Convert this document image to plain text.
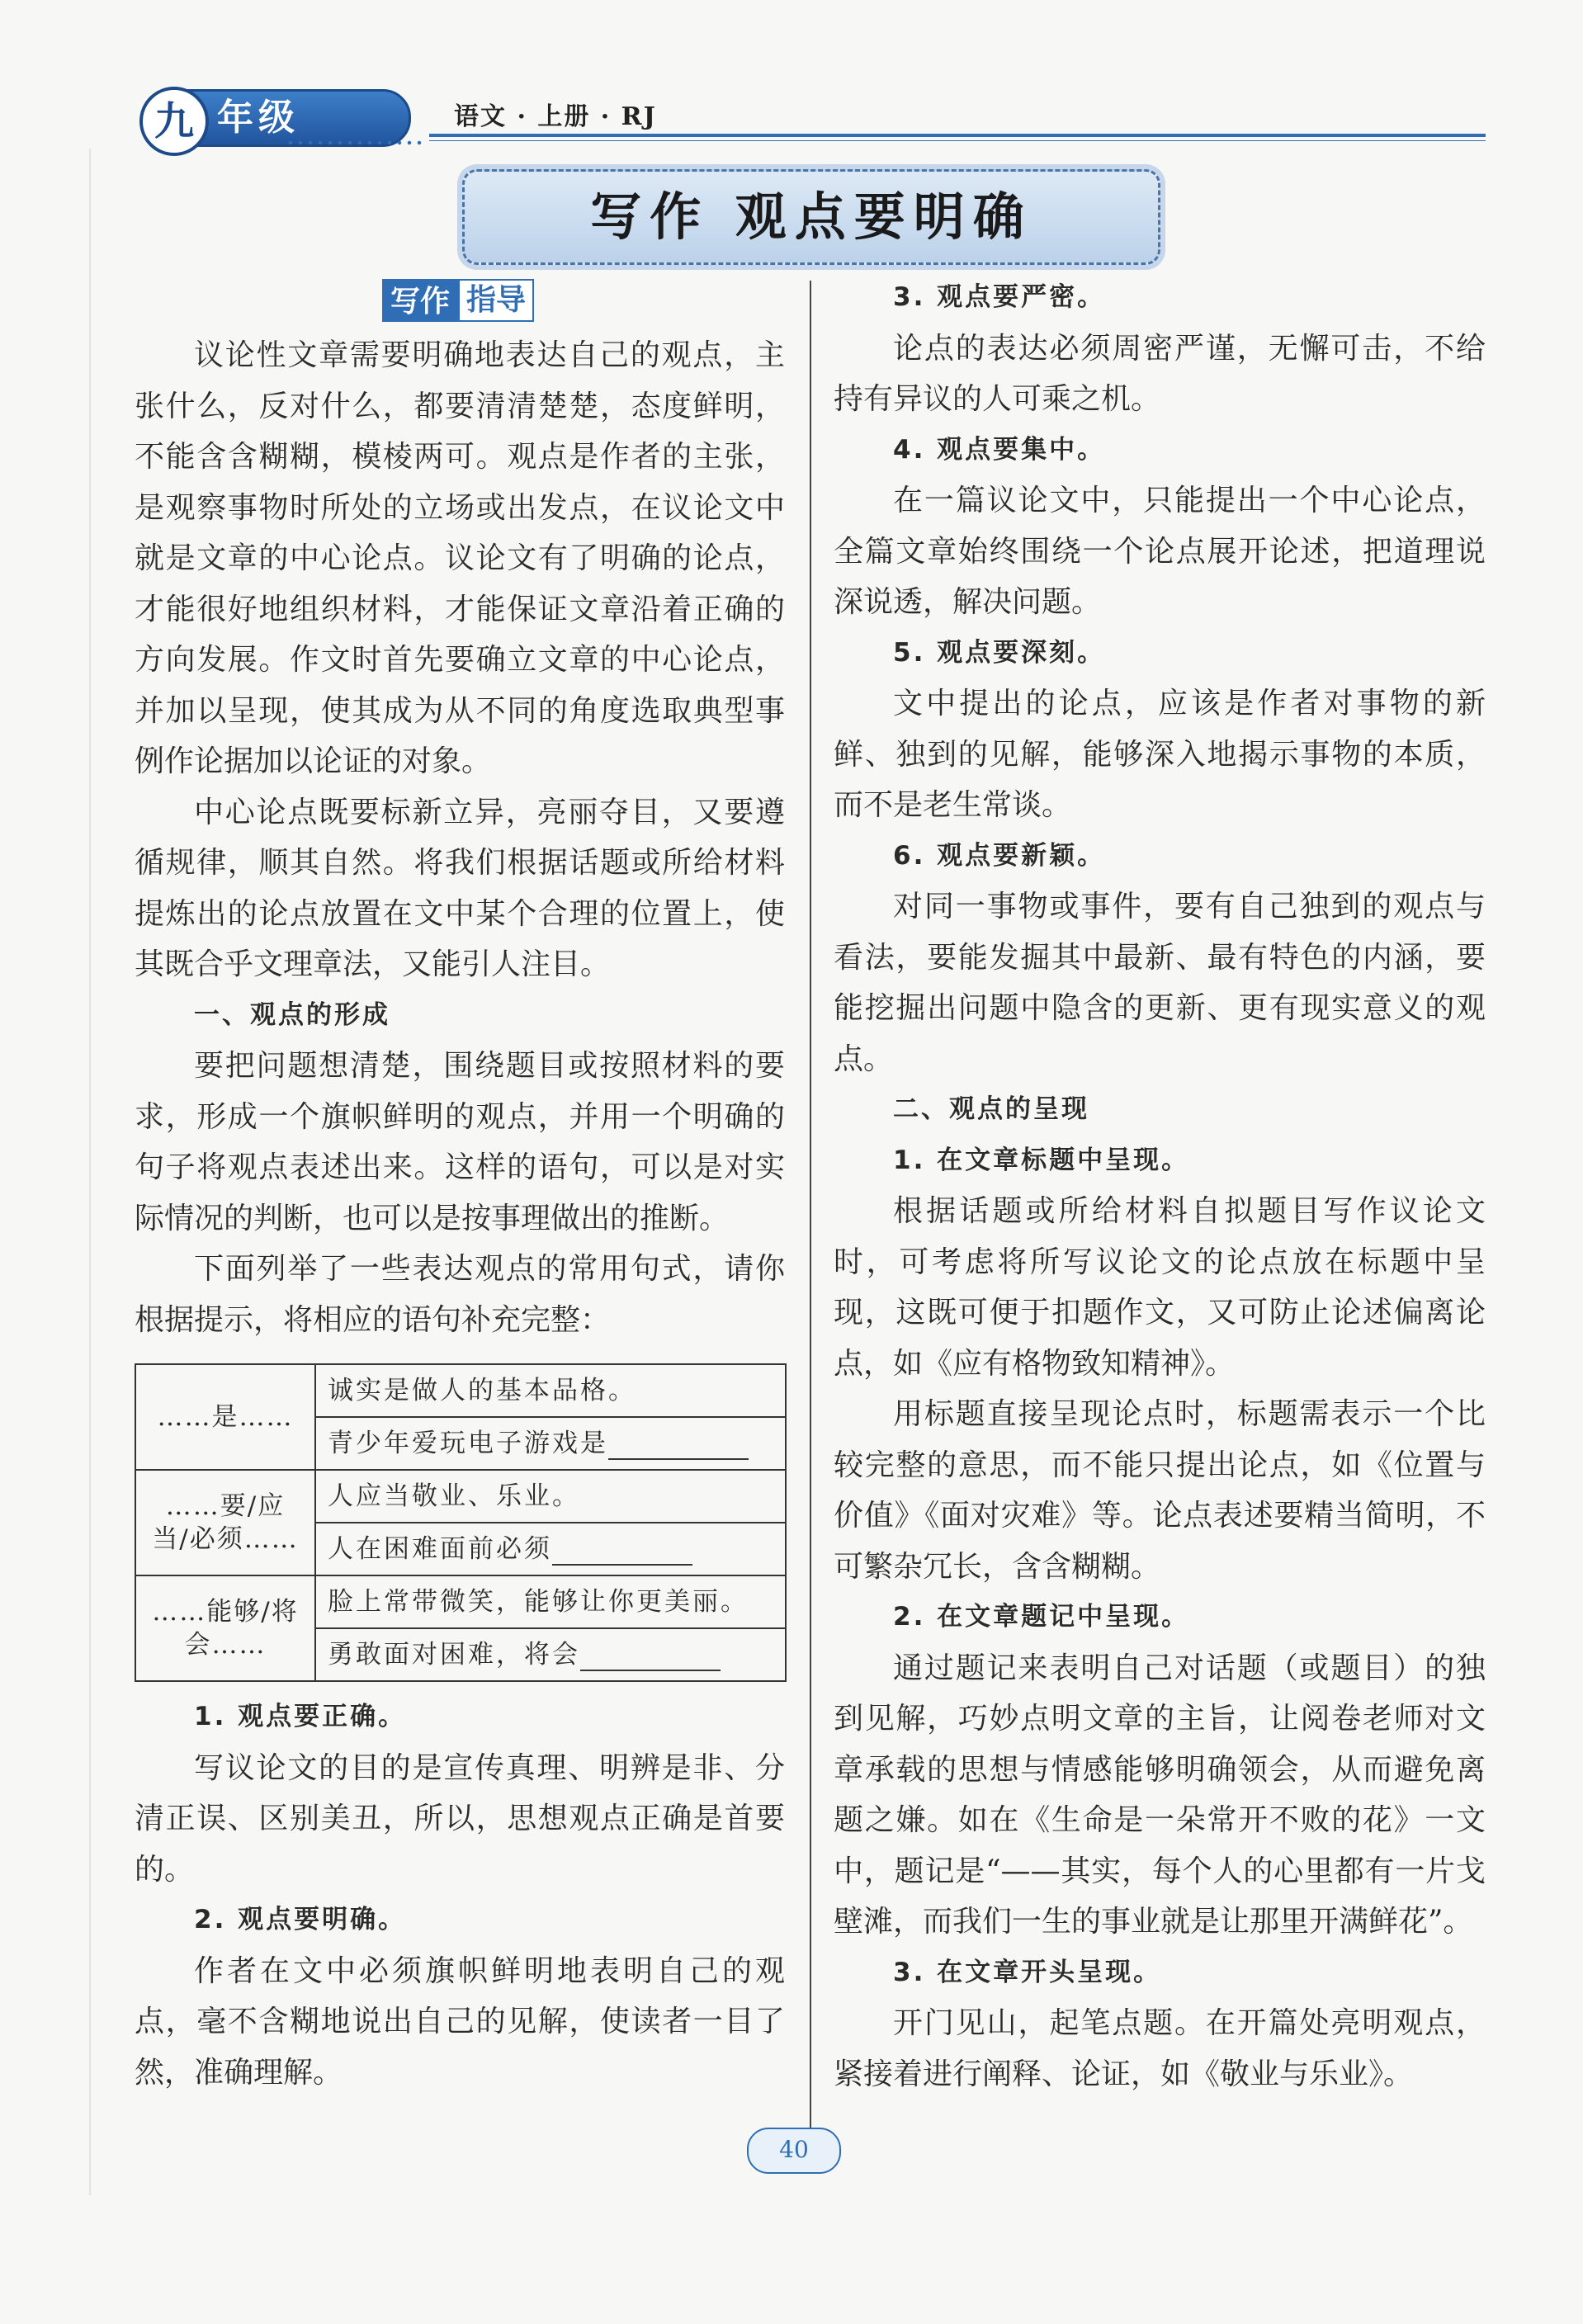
九 年级	语文 · 上册 · RJ
写作 观点要明确
写作 指导

议论性文章需要明确地表达自己的观点，主张什么，反对什么，都要清清楚楚，态度鲜明，不能含含糊糊，模棱两可。观点是作者的主张，是观察事物时所处的立场或出发点，在议论文中就是文章的中心论点。议论文有了明确的论点，才能很好地组织材料，才能保证文章沿着正确的方向发展。作文时首先要确立文章的中心论点，并加以呈现，使其成为从不同的角度选取典型事例作论据加以论证的对象。

中心论点既要标新立异，亮丽夺目，又要遵循规律，顺其自然。将我们根据话题或所给材料提炼出的论点放置在文中某个合理的位置上，使其既合乎文理章法，又能引人注目。

一、观点的形成

要把问题想清楚，围绕题目或按照材料的要求，形成一个旗帜鲜明的观点，并用一个明确的句子将观点表述出来。这样的语句，可以是对实际情况的判断，也可以是按事理做出的推断。

下面列举了一些表达观点的常用句式，请你根据提示，将相应的语句补充完整：

……是……	诚实是做人的基本品格。
	青少年爱玩电子游戏是
……要/应当/必须……	人应当敬业、乐业。
	人在困难面前必须
……能够/将会……	脸上常带微笑，能够让你更美丽。
	勇敢面对困难，将会

1. 观点要正确。

写议论文的目的是宣传真理、明辨是非、分清正误、区别美丑，所以，思想观点正确是首要的。

2. 观点要明确。

作者在文中必须旗帜鲜明地表明自己的观点，毫不含糊地说出自己的见解，使读者一目了然，准确理解。

3. 观点要严密。

论点的表达必须周密严谨，无懈可击，不给持有异议的人可乘之机。

4. 观点要集中。

在一篇议论文中，只能提出一个中心论点，全篇文章始终围绕一个论点展开论述，把道理说深说透，解决问题。

5. 观点要深刻。

文中提出的论点，应该是作者对事物的新鲜、独到的见解，能够深入地揭示事物的本质，而不是老生常谈。

6. 观点要新颖。

对同一事物或事件，要有自己独到的观点与看法，要能发掘其中最新、最有特色的内涵，要能挖掘出问题中隐含的更新、更有现实意义的观点。

二、观点的呈现

1. 在文章标题中呈现。

根据话题或所给材料自拟题目写作议论文时，可考虑将所写议论文的论点放在标题中呈现，这既可便于扣题作文，又可防止论述偏离论点，如《应有格物致知精神》。

用标题直接呈现论点时，标题需表示一个比较完整的意思，而不能只提出论点，如《位置与价值》《面对灾难》等。论点表述要精当简明，不可繁杂冗长，含含糊糊。

2. 在文章题记中呈现。

通过题记来表明自己对话题（或题目）的独到见解，巧妙点明文章的主旨，让阅卷老师对文章承载的思想与情感能够明确领会，从而避免离题之嫌。如在《生命是一朵常开不败的花》一文中，题记是“——其实，每个人的心里都有一片戈壁滩，而我们一生的事业就是让那里开满鲜花”。

3. 在文章开头呈现。

开门见山，起笔点题。在开篇处亮明观点，紧接着进行阐释、论证，如《敬业与乐业》。

40
